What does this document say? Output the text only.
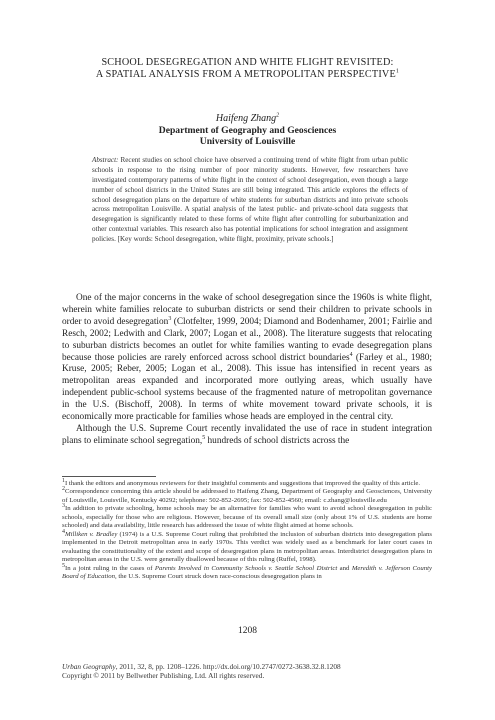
SCHOOL DESEGREGATION AND WHITE FLIGHT REVISITED:
A SPATIAL ANALYSIS FROM A METROPOLITAN PERSPECTIVE$^1$
Haifeng Zhang$^2$
Department of Geography and Geosciences
University of Louisville
Abstract: Recent studies on school choice have observed a continuing trend of white flight from urban public schools in response to the rising number of poor minority students. However, few researchers have investigated contemporary patterns of white flight in the context of school desegregation, even though a large number of school districts in the United States are still being integrated. This article explores the effects of school desegregation plans on the departure of white students for suburban districts and into private schools across metropolitan Louisville. A spatial analysis of the latest public- and private-school data suggests that desegregation is significantly related to these forms of white flight after controlling for suburbanization and other contextual variables. This research also has potential implications for school integration and assignment policies. [Key words: School desegregation, white flight, proximity, private schools.]

One of the major concerns in the wake of school desegregation since the 1960s is white flight, wherein white families relocate to suburban districts or send their children to private schools in order to avoid desegregation$^3$ (Clotfelter, 1999, 2004; Diamond and Bodenhamer, 2001; Fairlie and Resch, 2002; Ledwith and Clark, 2007; Logan et al., 2008). The literature suggests that relocating to suburban districts becomes an outlet for white families wanting to evade desegregation plans because those policies are rarely enforced across school district boundaries$^4$ (Farley et al., 1980; Kruse, 2005; Reber, 2005; Logan et al., 2008). This issue has intensified in recent years as metropolitan areas expanded and incorporated more outlying areas, which usually have independent public-school systems because of the fragmented nature of metropolitan governance in the U.S. (Bischoff, 2008). In terms of white movement toward private schools, it is economically more practicable for families whose heads are employed in the central city.

Although the U.S. Supreme Court recently invalidated the use of race in student integration plans to eliminate school segregation,$^5$ hundreds of school districts across the

$^1$I thank the editors and anonymous reviewers for their insightful comments and suggestions that improved the quality of this article.

$^2$Correspondence concerning this article should be addressed to Haifeng Zhang, Department of Geography and Geosciences, University of Louisville, Louisville, Kentucky 40292; telephone: 502-852-2695; fax: 502-852-4560; email: c.zhang@louisville.edu

$^3$In addition to private schooling, home schools may be an alternative for families who want to avoid school desegregation in public schools, especially for those who are religious. However, because of its overall small size (only about 1% of U.S. students are home schooled) and data availability, little research has addressed the issue of white flight aimed at home schools.

$^4$Milliken v. Bradley (1974) is a U.S. Supreme Court ruling that prohibited the inclusion of suburban districts into desegregation plans implemented in the Detroit metropolitan area in early 1970s. This verdict was widely used as a benchmark for later court cases in evaluating the constitutionality of the extent and scope of desegregation plans in metropolitan areas. Interdistrict desegregation plans in metropolitan areas in the U.S. were generally disallowed because of this ruling (Ruffel, 1998).

$^5$In a joint ruling in the cases of Parents Involved in Community Schools v. Seattle School District and Meredith v. Jefferson County Board of Education, the U.S. Supreme Court struck down race-conscious desegregation plans in

1208
Urban Geography, 2011, 32, 8, pp. 1208–1226. http://dx.doi.org/10.2747/0272-3638.32.8.1208
Copyright © 2011 by Bellwether Publishing, Ltd. All rights reserved.
